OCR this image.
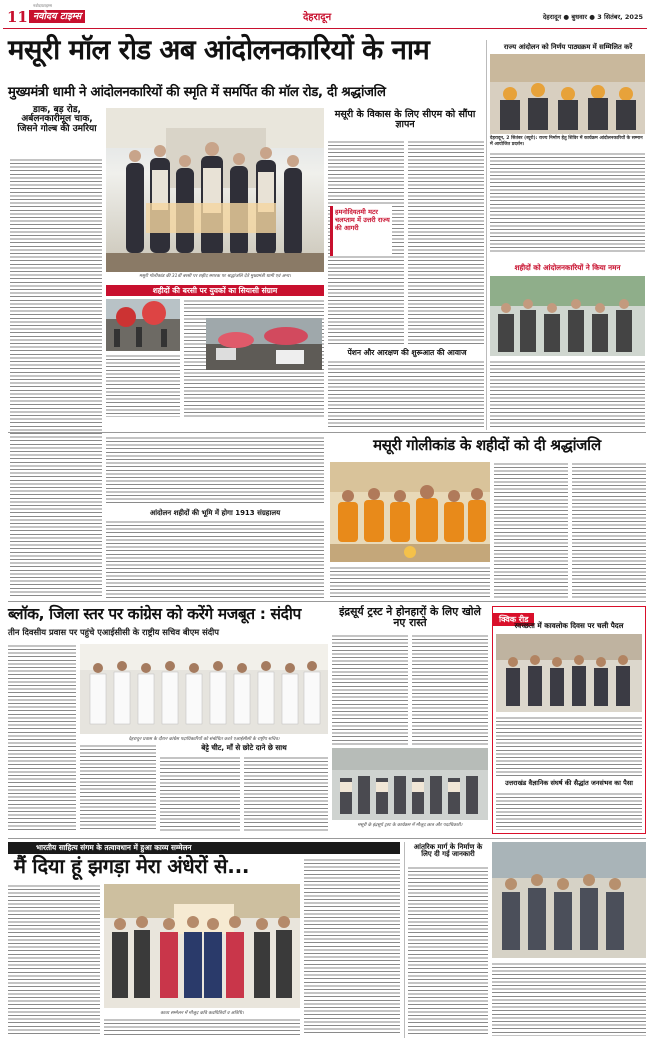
नवोदयटाइम्स
11 नवोदय टाइम्स	देहरादून	देहरादून ● बुधवार ● 3 सितंबर, 2025
मसूरी मॉल रोड अब आंदोलनकारियों के नाम
मुख्यमंत्री धामी ने आंदोलनकारियों की स्मृति में समर्पित की मॉल रोड, दी श्रद्धांजलि
डाक, बड़ रोड, अर्बलनकारीमूल चाक, जिसने गोल्ब की उमरिया
मसूरी गोलीकांड की 31वीं बरसी पर शहीद स्मारक पर श्रद्धांजलि देते मुख्यमंत्री धामी एवं अन्य।
मसूरी के विकास के लिए सीएम को सौंपा ज्ञापन
हमनोदियतमी मटर चलप्ताम में उत्तरी राज्य की आगरी
शहीदों की बरसी पर युवकों का सियासी संग्राम
पेंशन और आरक्षण की शुरूआत की आवाज
राज्य आंदोलन को निर्णय पाठ्यक्रम में सम्मिलित करें
देहरादून, 2 सितंबर (ब्यूरो): राज्य निर्माण हेतु शिविर में कार्यक्रम आंदोलनकारियों के सम्मान में आयोजित प्रदर्शन।
शहीदों को आंदोलनकारियों ने किया नमन
मसूरी गोलीकांड के शहीदों को दी श्रद्धांजलि
आंदोलन शहीदों की भूमि में होगा 1913 संग्रहालय
ब्लॉक, जिला स्तर पर कांग्रेस को करेंगे मजबूत : संदीप
तीन दिवसीय प्रवास पर पहुंचे एआईसीसी के राष्ट्रीय सचिव बीएम संदीप
देहरादून प्रवास के दौरान कांग्रेस पदाधिकारियों को संबोधित करते एआईसीसी के राष्ट्रीय सचिव।
बेट्टे चीट, माँ से छोटे दाने छे साथ
इंद्रसूर्य ट्रस्ट ने होनहारों के लिए खोले नए रास्ते
मसूरी के इंद्रसूर्य ट्रस्ट के कार्यक्रम में मौजूद छात्र और पदाधिकारी।
क्विक रीड
स्वच्छता में कावलोक दिवस पर चली पैदल
उत्तराखंड वैज्ञानिक संघर्ष की सैद्धांत जनसंभव का पैसा
भारतीय साहित्य संगम के तत्वावधान में हुआ काव्य सम्मेलन
मैं दिया हूं झगड़ा मेरा अंधेरों से...
काव्य सम्मेलन में मौजूद कवि कवयित्रियों व अतिथि।
आंतरिक मार्ग के निर्माण के लिए दी गई जानकारी
